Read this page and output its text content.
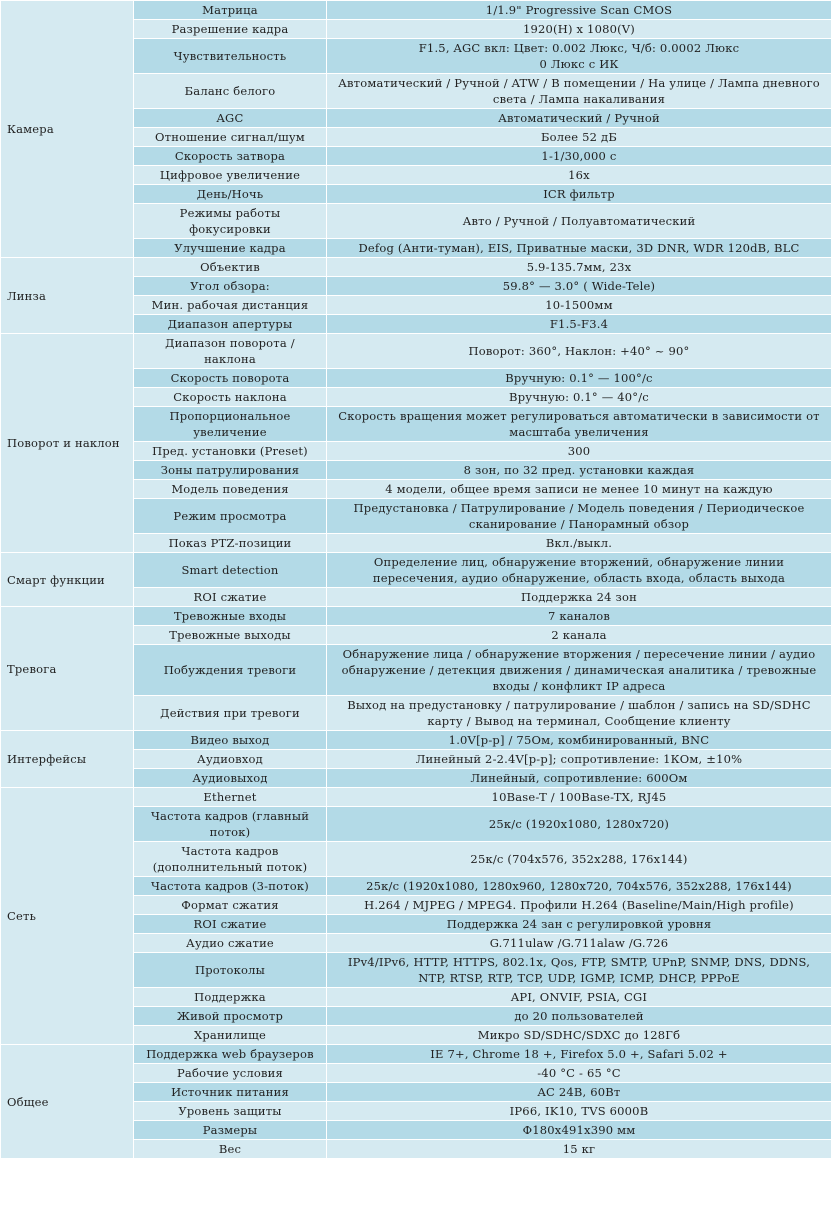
Камера	Матрица	1/1.9" Progressive Scan CMOS
	Разрешение кадра	1920(H) x 1080(V)
	Чувствительность	F1.5, AGC вкл: Цвет: 0.002 Люкс, Ч/б: 0.0002 Люкс
0 Люкс с ИК
	Баланс белого	Автоматический / Ручной / ATW / В помещении / На улице / Лампа дневного света / Лампа накаливания
	AGC	Автоматический / Ручной
	Отношение сигнал/шум	Более 52 дБ
	Скорость затвора	1-1/30,000 с
	Цифровое увеличение	16x
	День/Ночь	ICR фильтр
	Режимы работы фокусировки	Авто / Ручной / Полуавтоматический
	Улучшение кадра	Defog (Анти-туман), EIS, Приватные маски, 3D DNR, WDR 120dB, BLC
Линза	Объектив	5.9-135.7мм, 23x
	Угол обзора:	59.8° — 3.0° ( Wide-Tele)
	Мин. рабочая дистанция	10-1500мм
	Диапазон апертуры	F1.5-F3.4
Поворот и наклон	Диапазон поворота / наклона	Поворот: 360°, Наклон: +40° ~ 90°
	Скорость поворота	Вручную: 0.1° — 100°/с
	Скорость наклона	Вручную: 0.1° — 40°/с
	Пропорциональное увеличение	Скорость вращения может регулироваться автоматически в зависимости от масштаба увеличения
	Пред. установки (Preset)	300
	Зоны патрулирования	8 зон, по 32 пред. установки каждая
	Модель поведения	4 модели, общее время записи не менее 10 минут на каждую
	Режим просмотра	Предустановка / Патрулирование / Модель поведения / Периодическое сканирование / Панорамный обзор
	Показ PTZ-позиции	Вкл./выкл.
Смарт функции	Smart detection	Определение лиц, обнаружение вторжений, обнаружение линии пересечения, аудио обнаружение, область входа, область выхода
	ROI сжатие	Поддержка 24 зон
Тревога	Тревожные входы	7 каналов
	Тревожные выходы	2 канала
	Побуждения тревоги	Обнаружение лица / обнаружение вторжения / пересечение линии / аудио обнаружение / детекция движения / динамическая аналитика / тревожные входы / конфликт IP адреса
	Действия при тревоги	Выход на предустановку / патрулирование / шаблон / запись на SD/SDHC карту / Вывод на терминал, Сообщение клиенту
Интерфейсы	Видео выход	1.0V[p-p] / 75Ом, комбинированный, BNC
	Аудиовход	Линейный 2-2.4V[p-p]; сопротивление: 1КОм, ±10%
	Аудиовыход	Линейный, сопротивление: 600Ом
Сеть	Ethernet	10Base-T / 100Base-TX, RJ45
	Частота кадров (главный поток)	25к/с (1920x1080, 1280x720)
	Частота кадров (дополнительный поток)	25к/с (704x576, 352x288, 176x144)
	Частота кадров (3-поток)	25к/с (1920x1080, 1280x960, 1280x720, 704x576, 352x288, 176x144)
	Формат сжатия	H.264 / MJPEG / MPEG4. Профили H.264 (Baseline/Main/High profile)
	ROI сжатие	Поддержка 24 зан с регулировкой уровня
	Аудио сжатие	G.711ulaw /G.711alaw /G.726
	Протоколы	IPv4/IPv6, HTTP, HTTPS, 802.1x, Qos, FTP, SMTP, UPnP, SNMP, DNS, DDNS, NTP, RTSP, RTP, TCP, UDP, IGMP, ICMP, DHCP, PPPoE
	Поддержка	API, ONVIF, PSIA, CGI
	Живой просмотр	до 20 пользователей
	Хранилище	Микро SD/SDHC/SDXC до 128Гб
Общее	Поддержка web браузеров	IE 7+, Chrome 18 +, Firefox 5.0 +, Safari 5.02 +
	Рабочие условия	-40 °C - 65 °C
	Источник питания	AC 24В, 60Вт
	Уровень защиты	IP66, IK10, TVS 6000B
	Размеры	Φ180x491x390 мм
	Вес	15 кг
